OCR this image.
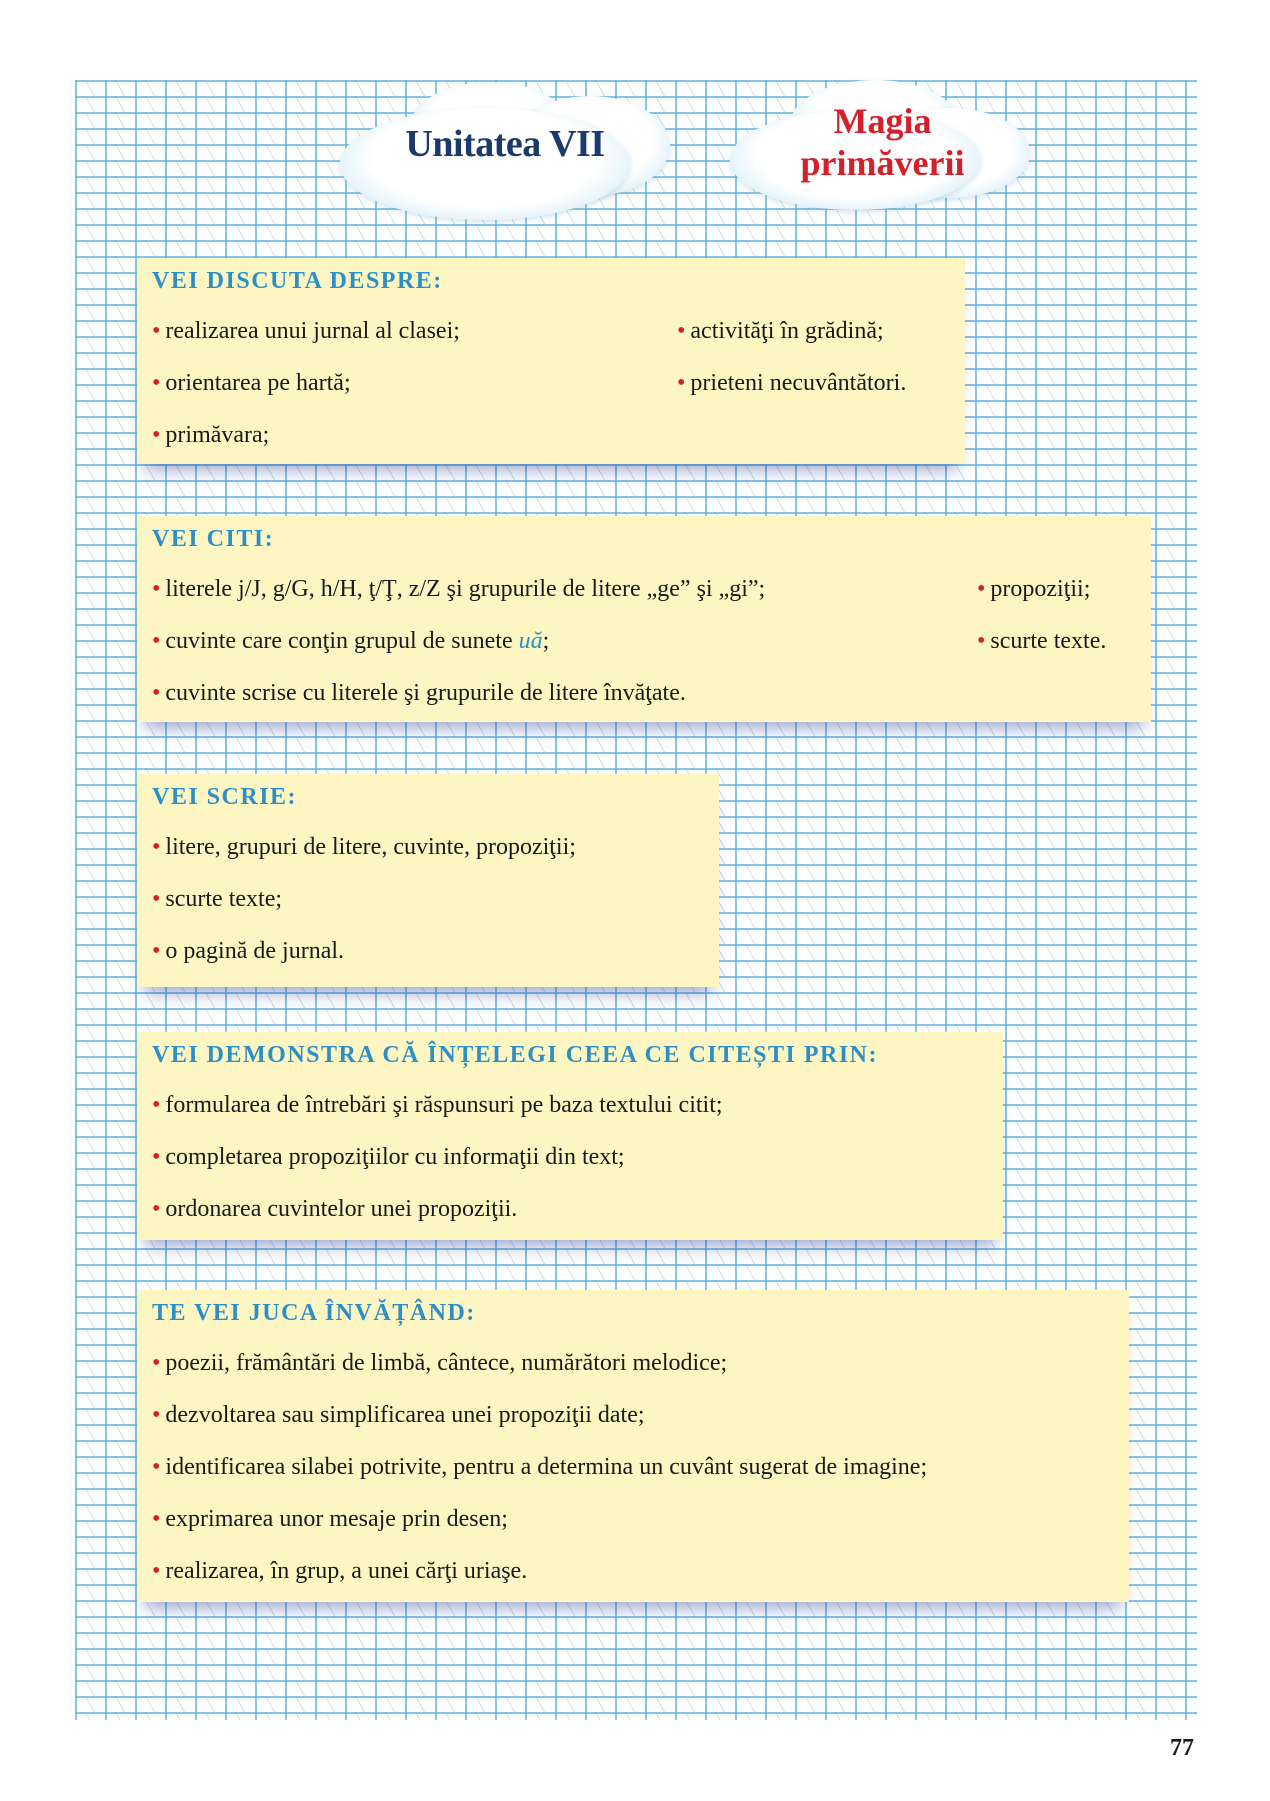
Unitatea VII
Magia
primăverii
VEI DISCUTA DESPRE:
• realizarea unui jurnal al clasei;
• orientarea pe hartă;
• primăvara;
• activităţi în grădină;
• prieteni necuvântători.
VEI CITI:
• literele j/J, g/G, h/H, ţ/Ţ, z/Z şi grupurile de litere „ge” şi „gi”;
• cuvinte care conţin grupul de sunete uă;
• cuvinte scrise cu literele şi grupurile de litere învăţate.
• propoziţii;
• scurte texte.
VEI SCRIE:
• litere, grupuri de litere, cuvinte, propoziţii;
• scurte texte;
• o pagină de jurnal.
VEI DEMONSTRA CĂ ÎNȚELEGI CEEA CE CITEȘTI PRIN:
• formularea de întrebări şi răspunsuri pe baza textului citit;
• completarea propoziţiilor cu informaţii din text;
• ordonarea cuvintelor unei propoziţii.
TE VEI JUCA ÎNVĂȚÂND:
• poezii, frământări de limbă, cântece, numărători melodice;
• dezvoltarea sau simplificarea unei propoziţii date;
• identificarea silabei potrivite, pentru a determina un cuvânt sugerat de imagine;
• exprimarea unor mesaje prin desen;
• realizarea, în grup, a unei cărţi uriaşe.
77
